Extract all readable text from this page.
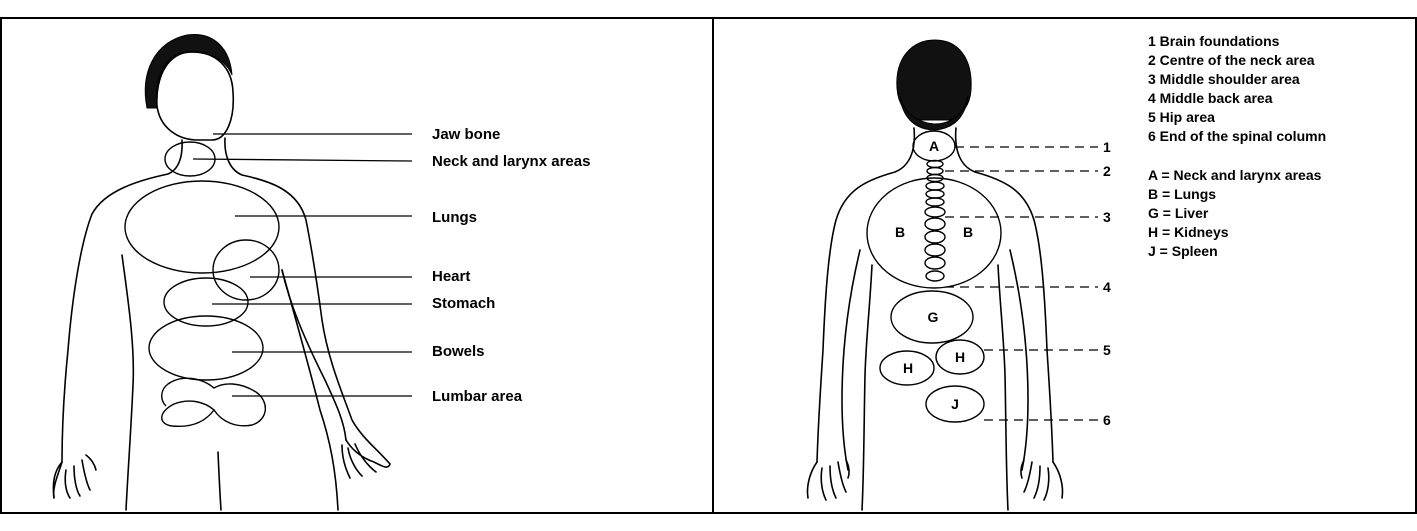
Jaw bone
Neck and larynx areas
Lungs
Heart
Stomach
Bowels
Lumbar area
A
B	B
G
H
H
J
1
2
3
4
5
6
1 Brain foundations
2 Centre of the neck area
3 Middle shoulder area
4 Middle back area
5 Hip area
6 End of the spinal column
A = Neck and larynx areas
B = Lungs
G = Liver
H = Kidneys
J = Spleen
